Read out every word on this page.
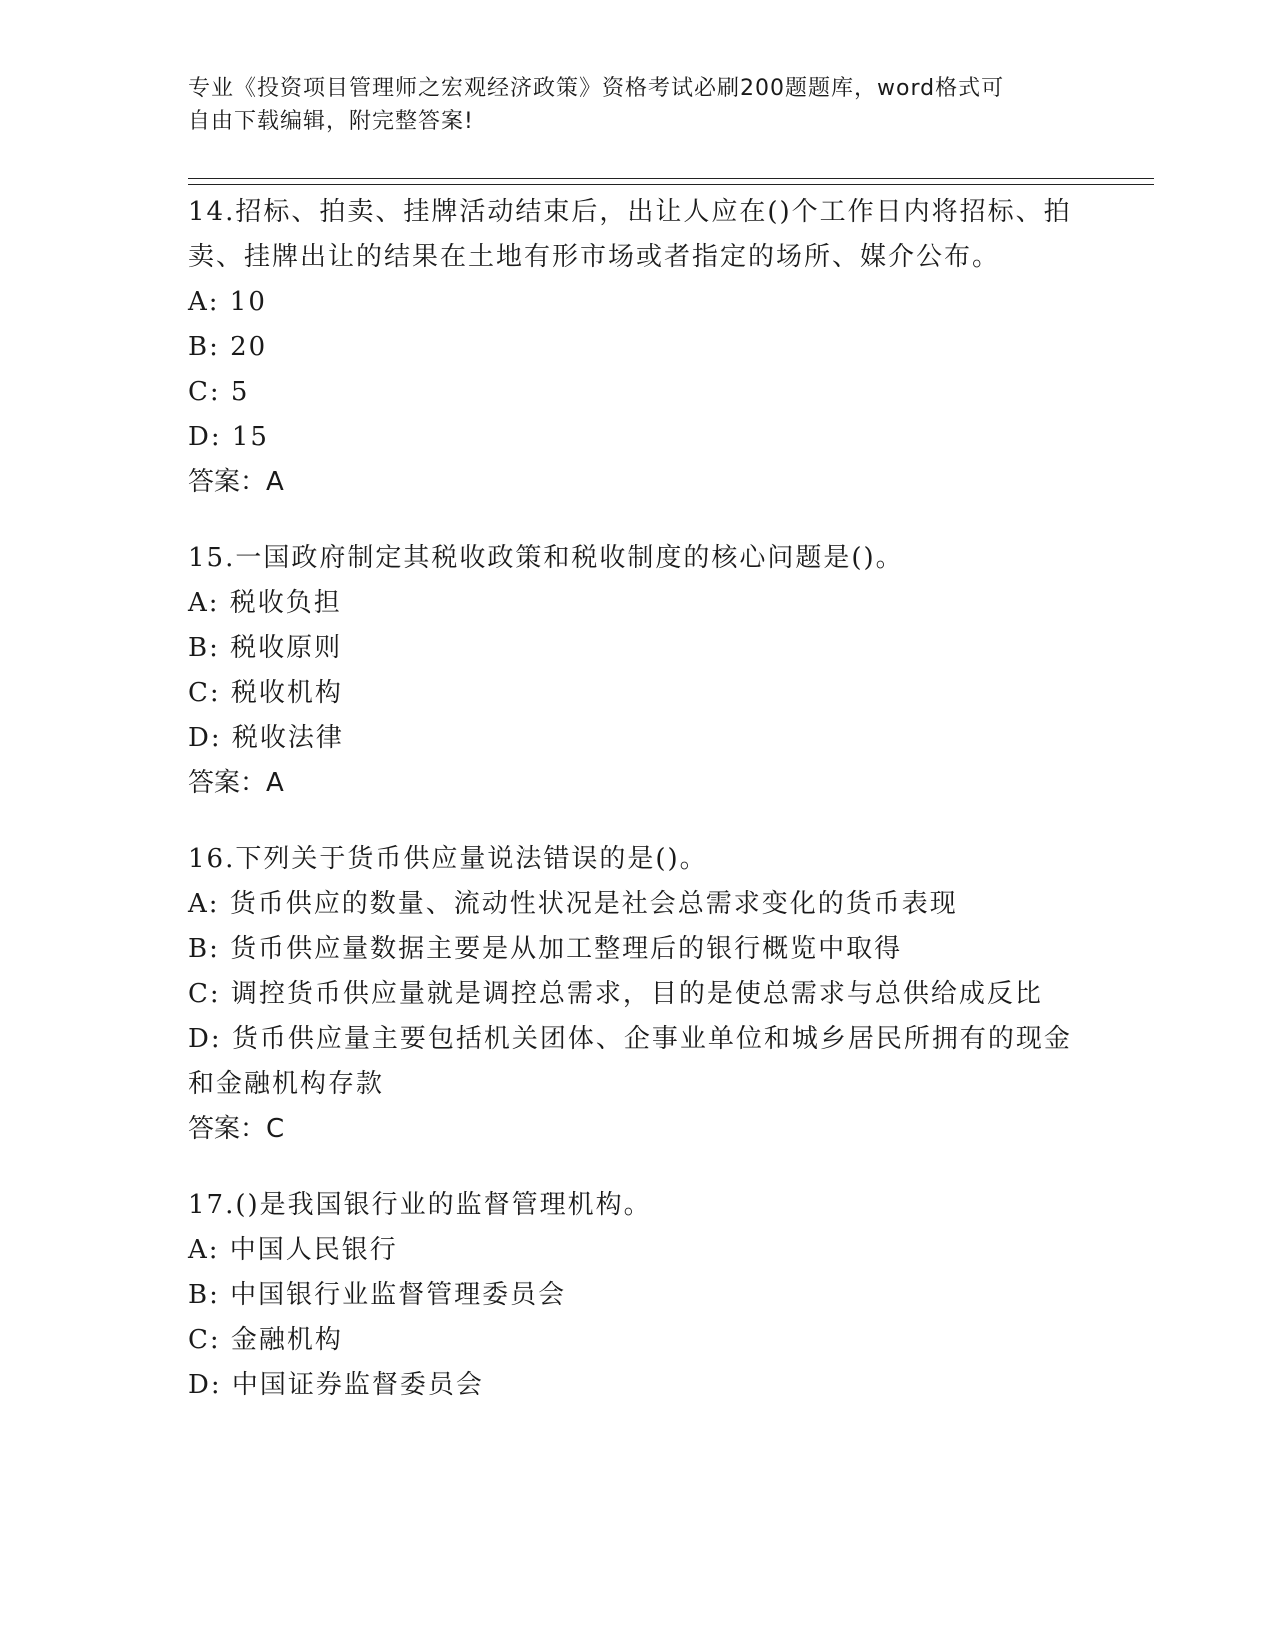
专业《投资项目管理师之宏观经济政策》资格考试必刷200题题库，word格式可
自由下载编辑，附完整答案!

14.招标、拍卖、挂牌活动结束后，出让人应在()个工作日内将招标、拍卖、挂牌出让的结果在土地有形市场或者指定的场所、媒介公布。

A: 10

B: 20

C: 5

D: 15

答案：A

15.一国政府制定其税收政策和税收制度的核心问题是()。

A: 税收负担

B: 税收原则

C: 税收机构

D: 税收法律

答案：A

16.下列关于货币供应量说法错误的是()。

A: 货币供应的数量、流动性状况是社会总需求变化的货币表现

B: 货币供应量数据主要是从加工整理后的银行概览中取得

C: 调控货币供应量就是调控总需求，目的是使总需求与总供给成反比

D: 货币供应量主要包括机关团体、企事业单位和城乡居民所拥有的现金和金融机构存款

答案：C

17.()是我国银行业的监督管理机构。

A: 中国人民银行

B: 中国银行业监督管理委员会

C: 金融机构

D: 中国证券监督委员会
